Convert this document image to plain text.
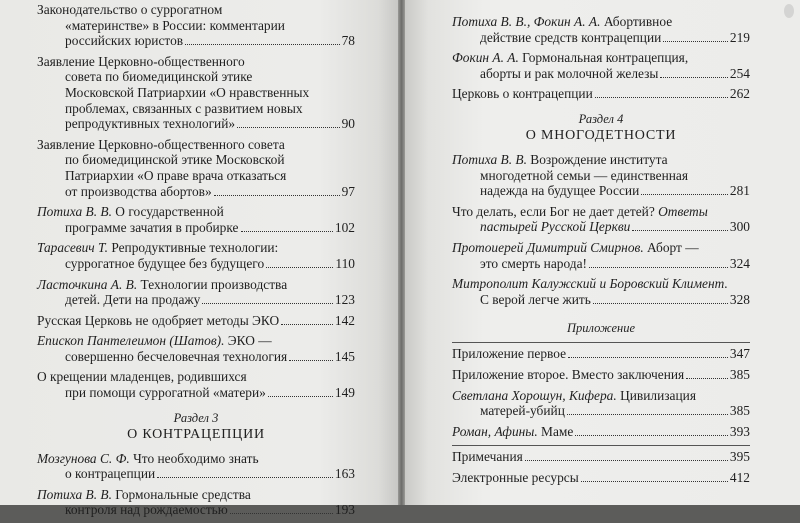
Законодательство о суррогатном
«материнстве» в России: комментарии
российских юристов	78
Заявление Церковно-общественного
совета по биомедицинской этике
Московской Патриархии «О нравственных
проблемах, связанных с развитием новых
репродуктивных технологий»	90
Заявление Церковно-общественного совета
по биомедицинской этике Московской
Патриархии «О праве врача отказаться
от производства абортов»	97
Потиха В. В. О государственной
программе зачатия в пробирке	102
Тарасевич Т. Репродуктивные технологии:
суррогатное будущее без будущего	110
Ласточкина А. В. Технологии производства
детей. Дети на продажу	123
Русская Церковь не одобряет методы ЭКО	142
Епископ Пантелеимон (Шатов). ЭКО —
совершенно бесчеловечная технология	145
О крещении младенцев, родившихся
при помощи суррогатной «матери»	149
Раздел 3
О КОНТРАЦЕПЦИИ
Мозгунова С. Ф. Что необходимо знать
о контрацепции	163
Потиха В. В. Гормональные средства
контроля над рождаемостью	193
Потиха В. В., Фокин А. А. Абортивное
действие средств контрацепции	219
Фокин А. А. Гормональная контрацепция,
аборты и рак молочной железы	254
Церковь о контрацепции	262
Раздел 4
О МНОГОДЕТНОСТИ
Потиха В. В. Возрождение института
многодетной семьи — единственная
надежда на будущее России	281
Что делать, если Бог не дает детей? Ответы
пастырей Русской Церкви	300
Протоиерей Димитрий Смирнов. Аборт —
это смерть народа!	324
Митрополит Калужский и Боровский Климент.
С верой легче жить	328
Приложение
Приложение первое	347
Приложение второе. Вместо заключения	385
Светлана Хорошун, Кифера. Цивилизация
матерей-убийц	385
Роман, Афины. Маме	393
Примечания	395
Электронные ресурсы	412
